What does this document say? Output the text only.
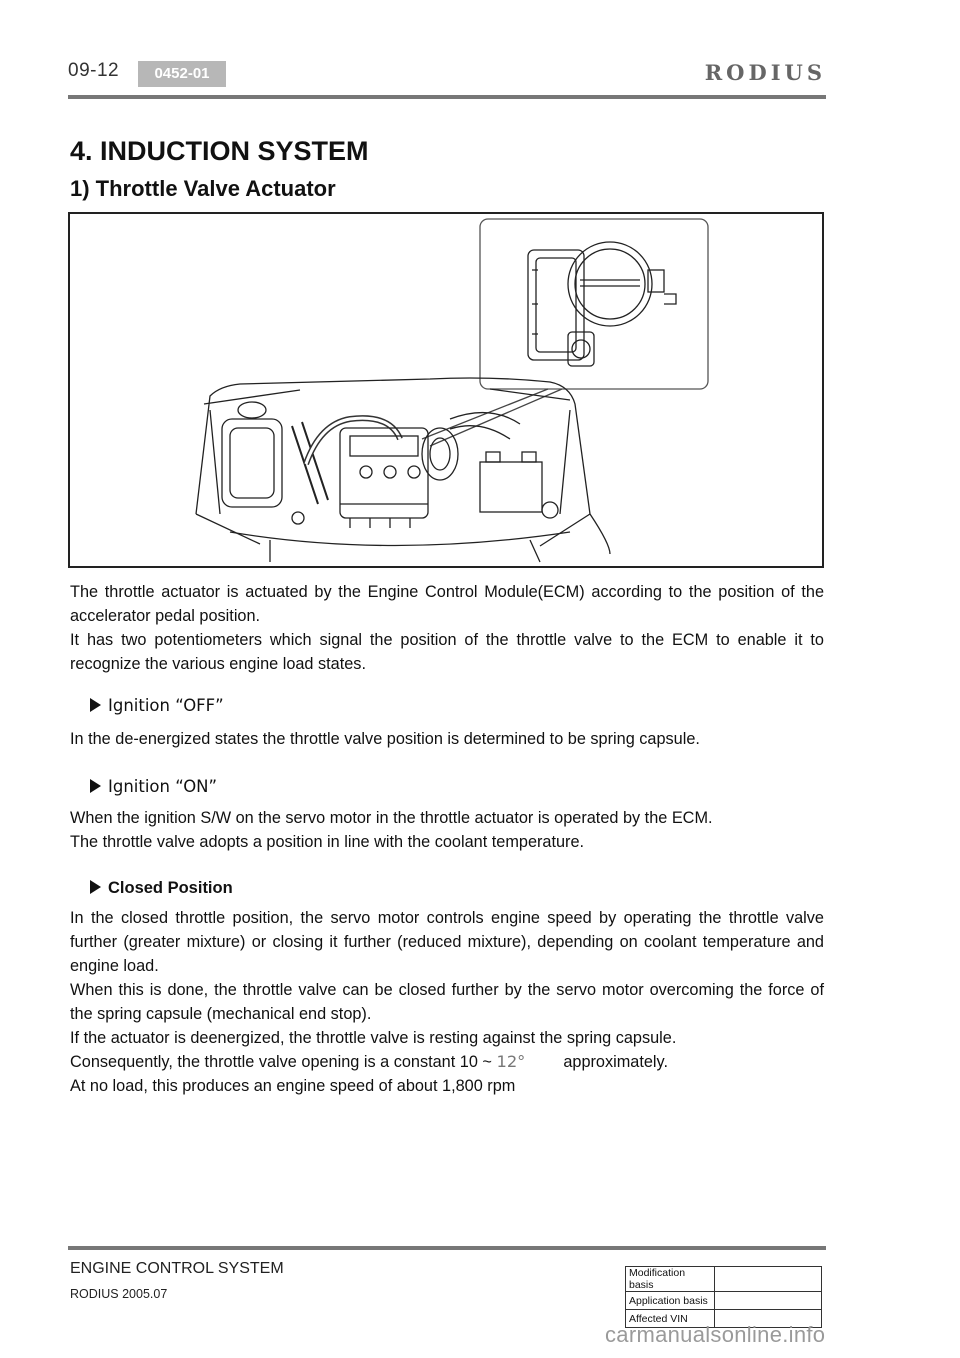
09-12	0452-01	RODIUS
4. INDUCTION SYSTEM
1) Throttle Valve Actuator

The throttle actuator is actuated by the Engine Control Module(ECM) according to the position of the accelerator pedal position.

It has two potentiometers which signal the position of the throttle valve to the ECM to enable it to recognize the various engine load states.

Ignition “OFF”
In the de-energized states the throttle valve position is determined to be spring capsule.
Ignition “ON”

When the ignition S/W on the servo motor in the throttle actuator is operated by the ECM.

The throttle valve adopts a position in line with the coolant temperature.

Closed Position

In the closed throttle position, the servo motor controls engine speed by operating the throttle valve further (greater mixture) or closing it further (reduced mixture), depending on coolant temperature and engine load.

When this is done, the throttle valve can be closed further by the servo motor overcoming the force of the spring capsule (mechanical end stop).

If the actuator is deenergized, the throttle valve is resting against the spring capsule.

Consequently, the throttle valve opening is a constant 10 ~ 12° approximately.

At no load, this produces an engine speed of about 1,800 rpm

ENGINE CONTROL SYSTEM
RODIUS 2005.07
Modification basis	
Application basis	
Affected VIN	
carmanualsonline.info
